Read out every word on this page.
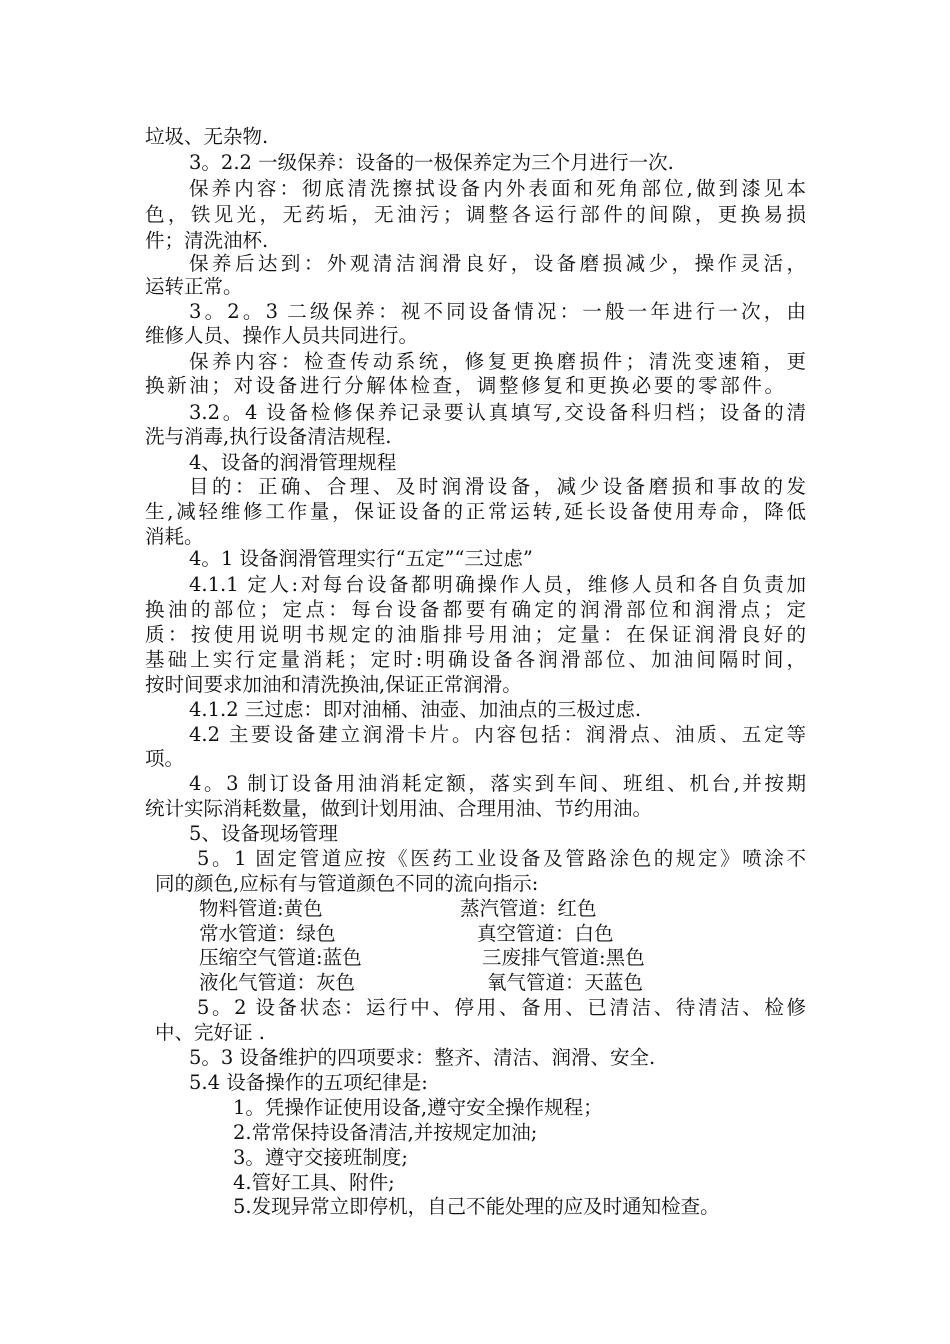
垃圾、无杂物.
3。2.2 一级保养：设备的一极保养定为三个月进行一次.
保养内容：彻底清洗擦拭设备内外表面和死角部位,做到漆见本
色，铁见光，无药垢，无油污；调整各运行部件的间隙，更换易损
件；清洗油杯.
保养后达到：外观清洁润滑良好，设备磨损减少，操作灵活，
运转正常。
3。2。3 二级保养：视不同设备情况：一般一年进行一次，由
维修人员、操作人员共同进行。
保养内容：检查传动系统，修复更换磨损件；清洗变速箱，更
换新油；对设备进行分解体检查，调整修复和更换必要的零部件。
3.2。4 设备检修保养记录要认真填写,交设备科归档；设备的清
洗与消毒,执行设备清洁规程.
4、设备的润滑管理规程
目的：正确、合理、及时润滑设备，减少设备磨损和事故的发
生,减轻维修工作量，保证设备的正常运转,延长设备使用寿命，降低
消耗。
4。1 设备润滑管理实行“五定”“三过虑”
4.1.1 定人:对每台设备都明确操作人员，维修人员和各自负责加
换油的部位；定点：每台设备都要有确定的润滑部位和润滑点；定
质：按使用说明书规定的油脂排号用油；定量：在保证润滑良好的
基础上实行定量消耗；定时:明确设备各润滑部位、加油间隔时间，
按时间要求加油和清洗换油,保证正常润滑。
4.1.2 三过虑：即对油桶、油壶、加油点的三极过虑.
4.2 主要设备建立润滑卡片。内容包括：润滑点、油质、五定等
项。
4。3 制订设备用油消耗定额，落实到车间、班组、机台,并按期
统计实际消耗数量，做到计划用油、合理用油、节约用油。
5、设备现场管理
5。1 固定管道应按《医药工业设备及管路涂色的规定》喷涂不
同的颜色,应标有与管道颜色不同的流向指示:
物料管道:黄色	蒸汽管道：红色
常水管道：绿色	真空管道：白色
压缩空气管道:蓝色	三废排气管道:黑色
液化气管道：灰色	氧气管道：天蓝色
5。2 设备状态：运行中、停用、备用、已清洁、待清洁、检修
中、完好证 .
5。3 设备维护的四项要求：整齐、清洁、润滑、安全.
5.4 设备操作的五项纪律是:
1。凭操作证使用设备,遵守安全操作规程；
2.常常保持设备清洁,并按规定加油;
3。遵守交接班制度;
4.管好工具、附件;
5.发现异常立即停机，自己不能处理的应及时通知检查。
